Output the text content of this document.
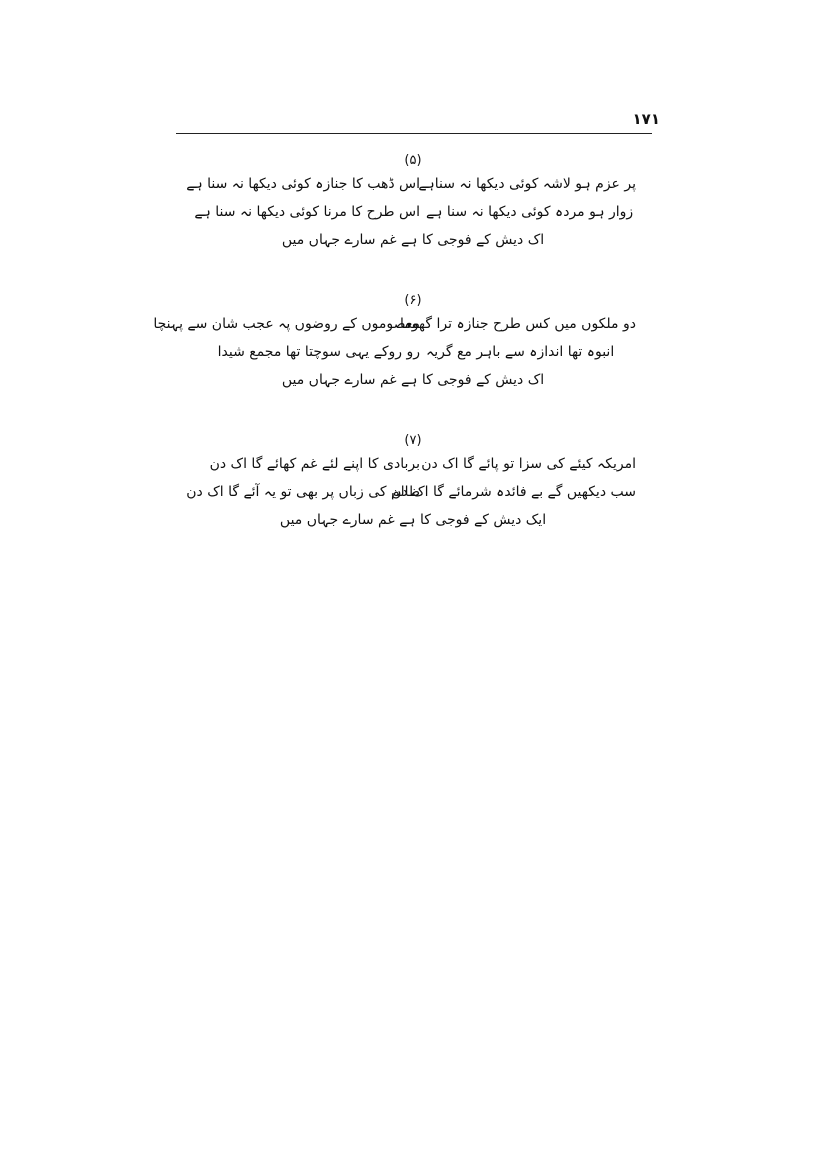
۱۷۱
(۵)
اس ڈھب کا جنازہ کوئی دیکھا نہ سنا ہے
پر عزم ہو لاشہ کوئی دیکھا نہ سناہے
اس طرح کا مرنا کوئی دیکھا نہ سنا ہے زوار ہو مردہ کوئی دیکھا نہ سنا ہے
اک دیش کے فوجی کا ہے غم سارے جہاں میں
(۶)
معصوموں کے روضوں پہ عجب شان سے پہنچا
دو ملکوں میں کس طرح جنازہ ترا گھوما
رو روکے یہی سوچتا تھا مجمع شیدا انبوہ تھا اندازہ سے باہر مع گریہ
اک دیش کے فوجی کا ہے غم سارے جہاں میں
(۷)
بربادی کا اپنے لئے غم کھائے گا اک دن امریکہ کیئے کی سزا تو پائے گا اک دن
ظالم کی زباں پر بھی تو یہ آئے گا اک دن
سب دیکھیں گے بے فائدہ شرمائے گا اک دن
ایک دیش کے فوجی کا ہے غم سارے جہاں میں
